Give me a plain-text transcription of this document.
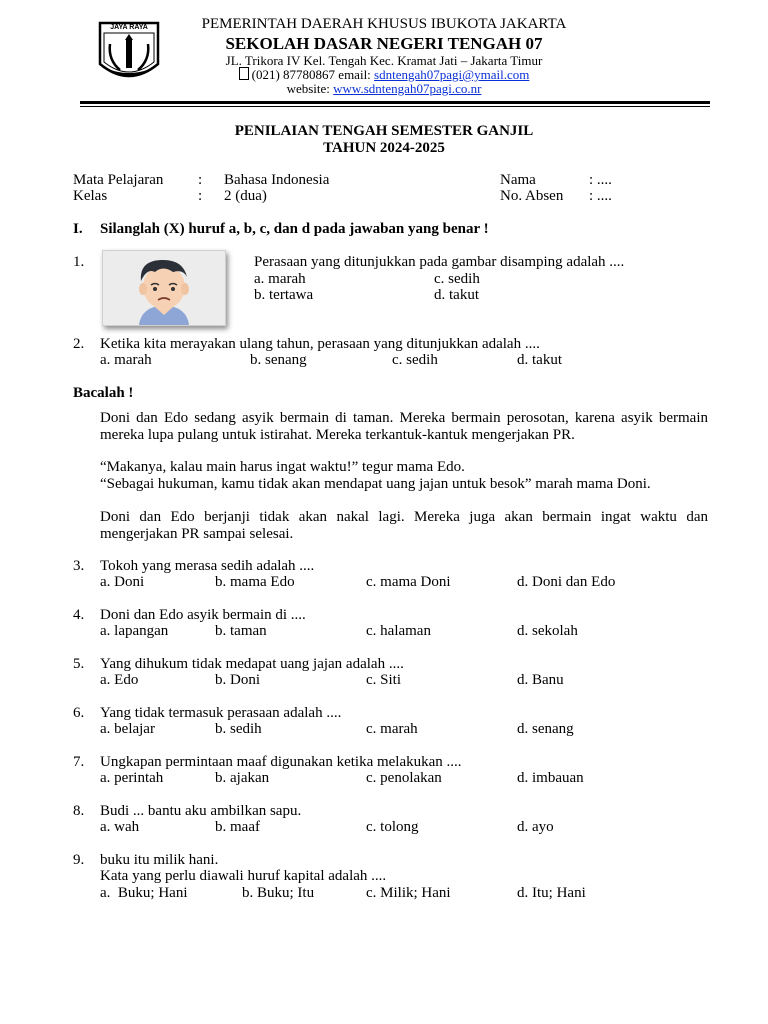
JAYA RAYA	PEMERINTAH DAERAH KHUSUS IBUKOTA JAKARTA
SEKOLAH DASAR NEGERI TENGAH 07
JL. Trikora IV Kel. Tengah Kec. Kramat Jati – Jakarta Timur
(021) 87780867 email: sdntengah07pagi@ymail.com
website: www.sdntengah07pagi.co.nr
PENILAIAN TENGAH SEMESTER GANJIL
TAHUN 2024-2025
Mata Pelajaran : Bahasa Indonesia
Kelas	: 2 (dua)
Nama	: ....
No. Absen : ....
I. Silanglah (X) huruf a, b, c, dan d pada jawaban yang benar !
1.	Perasaan yang ditunjukkan pada gambar disamping adalah ....
a. marah	c. sedih
b. tertawa	d. takut
2. Ketika kita merayakan ulang tahun, perasaan yang ditunjukkan adalah ....
a. marah	b. senang	c. sedih	d. takut
Bacalah !
Doni dan Edo sedang asyik bermain di taman. Mereka bermain perosotan, karena asyik bermain mereka lupa pulang untuk istirahat. Mereka terkantuk-kantuk mengerjakan PR.
“Makanya, kalau main harus ingat waktu!” tegur mama Edo.
“Sebagai hukuman, kamu tidak akan mendapat uang jajan untuk besok” marah mama Doni.
Doni dan Edo berjanji tidak akan nakal lagi. Mereka juga akan bermain ingat waktu dan mengerjakan PR sampai selesai.
3. Tokoh yang merasa sedih adalah ....
a. Doni	b. mama Edo	c. mama Doni	d. Doni dan Edo
4. Doni dan Edo asyik bermain di ....
a. lapangan	b. taman	c. halaman	d. sekolah
5. Yang dihukum tidak medapat uang jajan adalah ....
a. Edo	b. Doni	c. Siti	d. Banu
6. Yang tidak termasuk perasaan adalah ....
a. belajar	b. sedih	c. marah	d. senang
7. Ungkapan permintaan maaf digunakan ketika melakukan ....
a. perintah	b. ajakan	c. penolakan	d. imbauan
8. Budi ... bantu aku ambilkan sapu.
a. wah	b. maaf	c. tolong	d. ayo
9. buku itu milik hani.
Kata yang perlu diawali huruf kapital adalah ....
a.  Buku; Hani	b. Buku; Itu	c. Milik; Hani	d. Itu; Hani
